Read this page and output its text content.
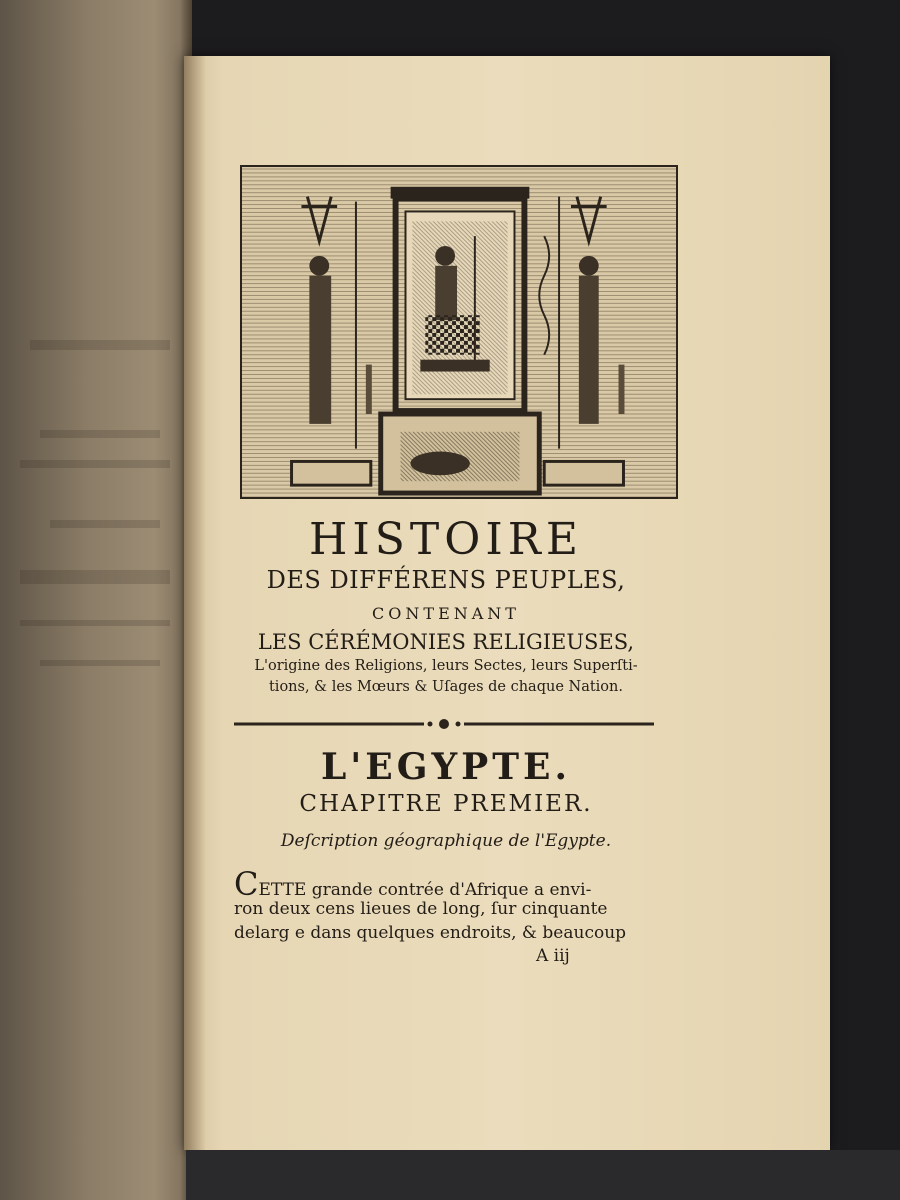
HISTOIRE

DES DIFFÉRENS PEUPLES,

CONTENANT

LES CÉRÉMONIES RELIGIEUSES,

L'origine des Religions, leurs Sectes, leurs Superſti-

tions, & les Mœurs & Uſages de chaque Nation.

L'EGYPTE.

CHAPITRE PREMIER.

Deſcription géographique de l'Egypte.

CETTE grande contrée d'Afrique a envi-

ron deux cens lieues de long, ſur cinquante

delarg e dans quelques endroits, & beaucoup

A iij
